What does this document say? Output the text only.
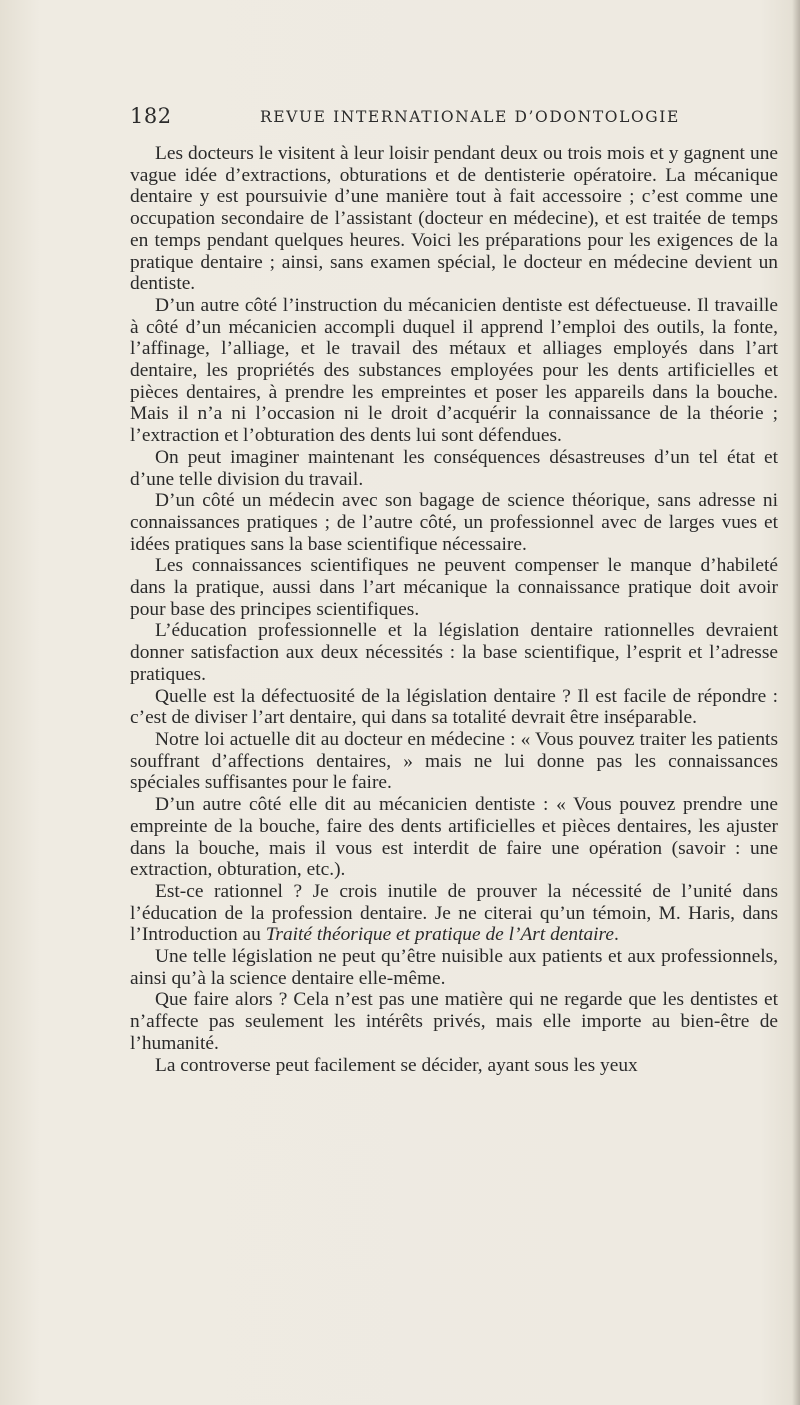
182	REVUE INTERNATIONALE D’ODONTOLOGIE

Les docteurs le visitent à leur loisir pendant deux ou trois mois et y gagnent une vague idée d’extractions, obturations et de dentisterie opératoire. La mécanique dentaire y est poursuivie d’une manière tout à fait accessoire ; c’est comme une occupation secondaire de l’assistant (docteur en médecine), et est traitée de temps en temps pendant quelques heures. Voici les préparations pour les exigences de la pratique dentaire ; ainsi, sans examen spécial, le docteur en médecine devient un dentiste.

D’un autre côté l’instruction du mécanicien dentiste est défectueuse. Il travaille à côté d’un mécanicien accompli duquel il apprend l’emploi des outils, la fonte, l’affinage, l’alliage, et le travail des métaux et alliages employés dans l’art dentaire, les propriétés des substances employées pour les dents artificielles et pièces dentaires, à prendre les empreintes et poser les appareils dans la bouche. Mais il n’a ni l’occasion ni le droit d’acquérir la connaissance de la théorie ; l’extraction et l’obturation des dents lui sont défendues.

On peut imaginer maintenant les conséquences désastreuses d’un tel état et d’une telle division du travail.

D’un côté un médecin avec son bagage de science théorique, sans adresse ni connaissances pratiques ; de l’autre côté, un professionnel avec de larges vues et idées pratiques sans la base scientifique nécessaire.

Les connaissances scientifiques ne peuvent compenser le manque d’habileté dans la pratique, aussi dans l’art mécanique la connaissance pratique doit avoir pour base des principes scientifiques.

L’éducation professionnelle et la législation dentaire rationnelles devraient donner satisfaction aux deux nécessités : la base scientifique, l’esprit et l’adresse pratiques.

Quelle est la défectuosité de la législation dentaire ? Il est facile de répondre : c’est de diviser l’art dentaire, qui dans sa totalité devrait être inséparable.

Notre loi actuelle dit au docteur en médecine : « Vous pouvez traiter les patients souffrant d’affections dentaires, » mais ne lui donne pas les connaissances spéciales suffisantes pour le faire.

D’un autre côté elle dit au mécanicien dentiste : « Vous pouvez prendre une empreinte de la bouche, faire des dents artificielles et pièces dentaires, les ajuster dans la bouche, mais il vous est interdit de faire une opération (savoir : une extraction, obturation, etc.).

Est-ce rationnel ? Je crois inutile de prouver la nécessité de l’unité dans l’éducation de la profession dentaire. Je ne citerai qu’un témoin, M. Haris, dans l’Introduction au Traité théorique et pratique de l’Art dentaire.

Une telle législation ne peut qu’être nuisible aux patients et aux professionnels, ainsi qu’à la science dentaire elle-même.

Que faire alors ? Cela n’est pas une matière qui ne regarde que les dentistes et n’affecte pas seulement les intérêts privés, mais elle importe au bien-être de l’humanité.

La controverse peut facilement se décider, ayant sous les yeux
